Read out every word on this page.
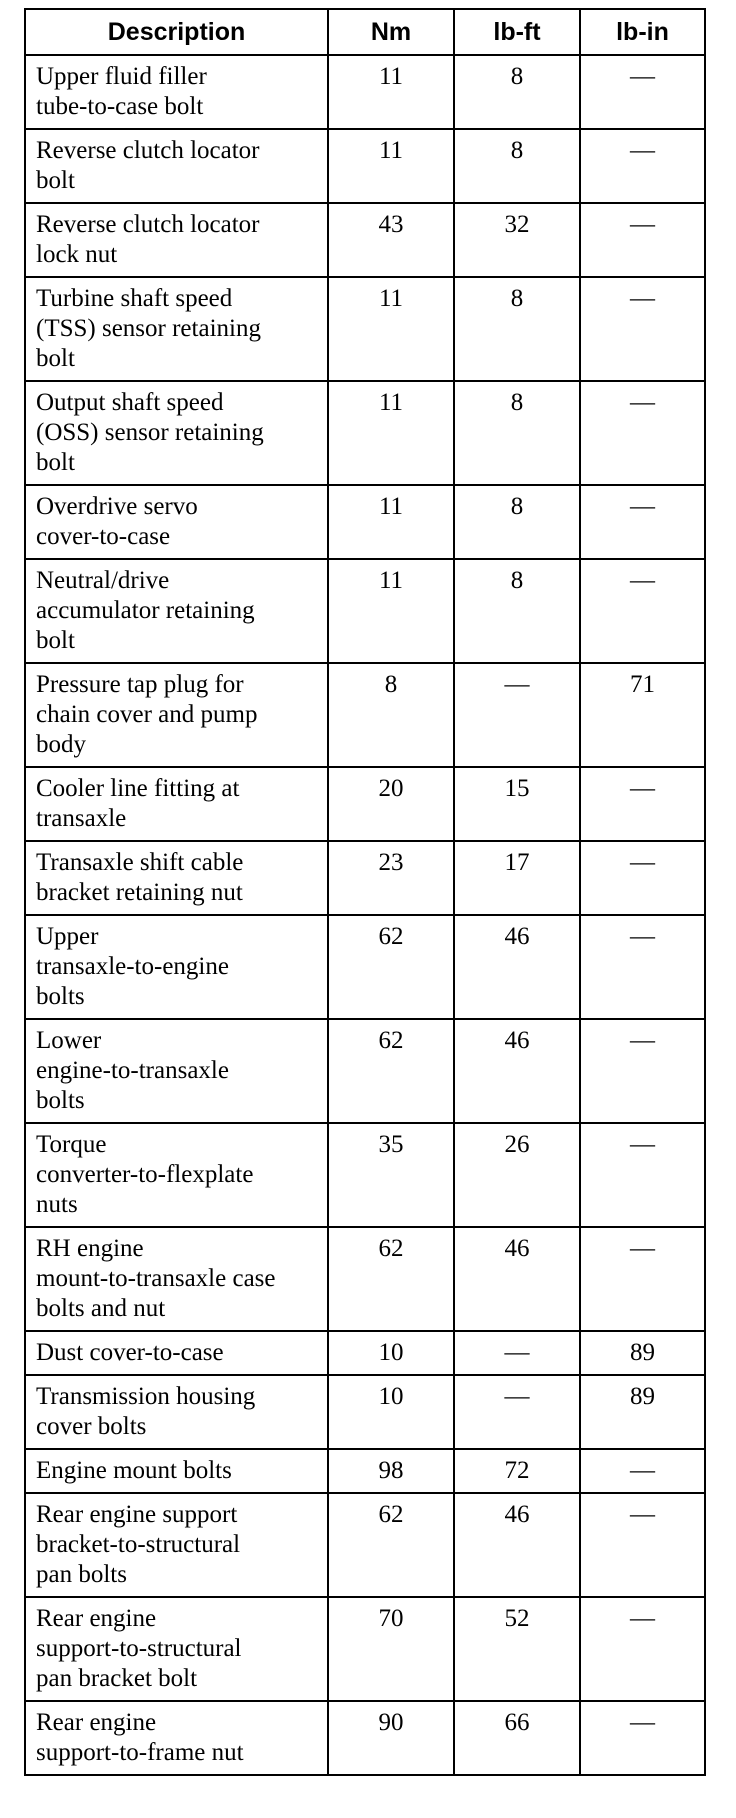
Description	Nm	lb-ft	lb-in

Upper fluid filler
tube-to-case bolt	11	8	—

Reverse clutch locator
bolt	11	8	—

Reverse clutch locator
lock nut	43	32	—

Turbine shaft speed
(TSS) sensor retaining
bolt	11	8	—

Output shaft speed
(OSS) sensor retaining
bolt	11	8	—

Overdrive servo
cover-to-case	11	8	—

Neutral/drive
accumulator retaining
bolt	11	8	—

Pressure tap plug for
chain cover and pump
body	8	—	71

Cooler line fitting at
transaxle	20	15	—

Transaxle shift cable
bracket retaining nut	23	17	—

Upper
transaxle-to-engine
bolts	62	46	—

Lower
engine-to-transaxle
bolts	62	46	—

Torque
converter-to-flexplate
nuts	35	26	—

RH engine
mount-to-transaxle case
bolts and nut	62	46	—

Dust cover-to-case	10	—	89

Transmission housing
cover bolts	10	—	89

Engine mount bolts	98	72	—

Rear engine support
bracket-to-structural
pan bolts	62	46	—

Rear engine
support-to-structural
pan bracket bolt	70	52	—

Rear engine
support-to-frame nut	90	66	—
